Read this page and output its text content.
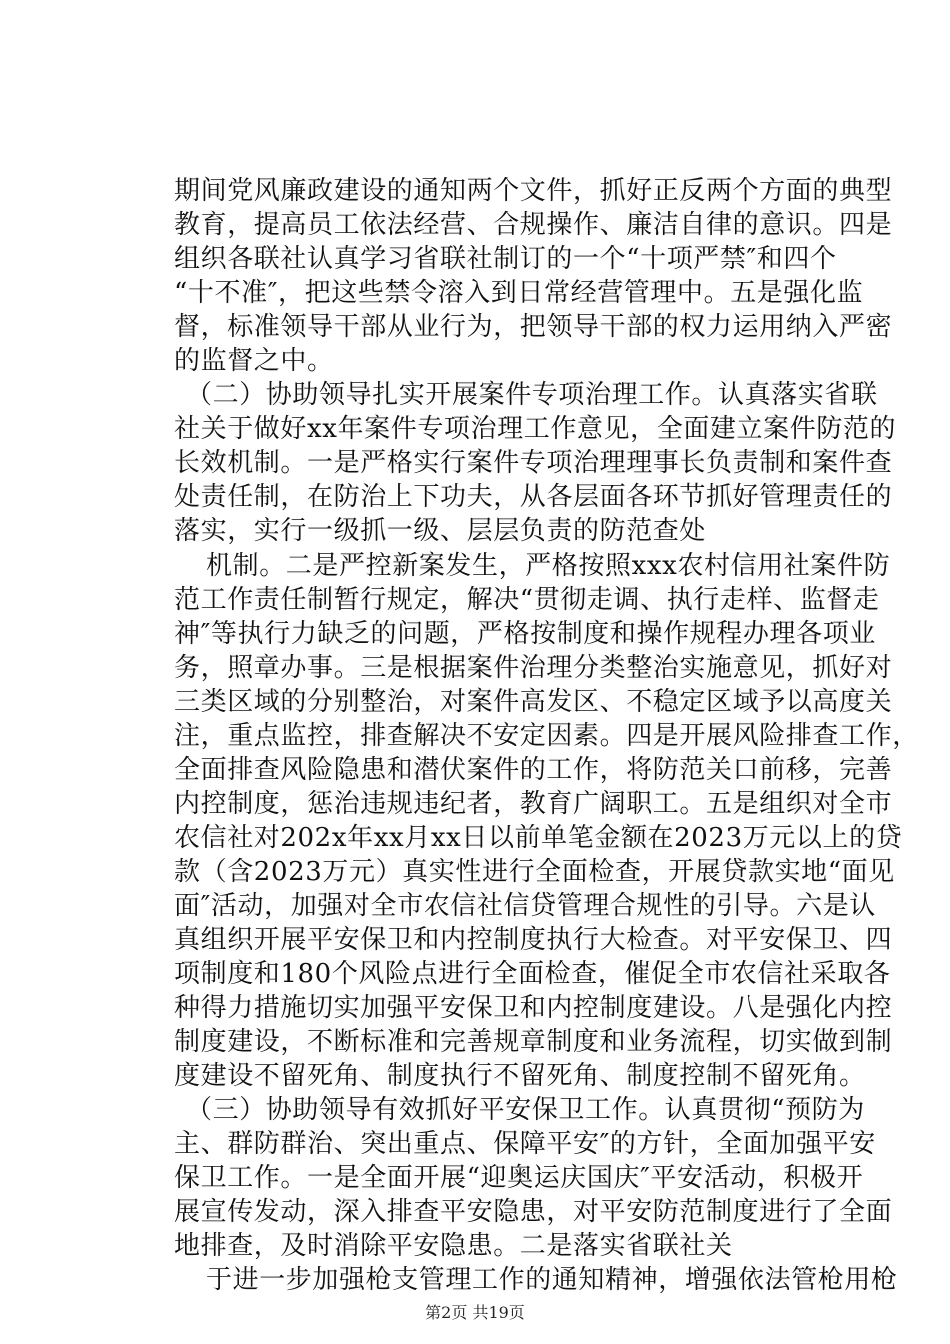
期间党风廉政建设的通知两个文件，抓好正反两个方面的典型
教育，提高员工依法经营、合规操作、廉洁自律的意识。四是
组织各联社认真学习省联社制订的一个“十项严禁″和四个
“十不准″，把这些禁令溶入到日常经营管理中。五是强化监
督，标准领导干部从业行为，把领导干部的权力运用纳入严密
的监督之中。
（二）协助领导扎实开展案件专项治理工作。认真落实省联
社关于做好xx年案件专项治理工作意见，全面建立案件防范的
长效机制。一是严格实行案件专项治理理事长负责制和案件查
处责任制，在防治上下功夫，从各层面各环节抓好管理责任的
落实，实行一级抓一级、层层负责的防范查处
机制。二是严控新案发生，严格按照xxx农村信用社案件防
范工作责任制暂行规定，解决“贯彻走调、执行走样、监督走
神″等执行力缺乏的问题，严格按制度和操作规程办理各项业
务，照章办事。三是根据案件治理分类整治实施意见，抓好对
三类区域的分别整治，对案件高发区、不稳定区域予以高度关
注，重点监控，排查解决不安定因素。四是开展风险排查工作，
全面排查风险隐患和潜伏案件的工作，将防范关口前移，完善
内控制度，惩治违规违纪者，教育广阔职工。五是组织对全市
农信社对202x年xx月xx日以前单笔金额在2023万元以上的贷
款（含2023万元）真实性进行全面检查，开展贷款实地“面见
面″活动，加强对全市农信社信贷管理合规性的引导。六是认
真组织开展平安保卫和内控制度执行大检查。对平安保卫、四
项制度和180个风险点进行全面检查，催促全市农信社采取各
种得力措施切实加强平安保卫和内控制度建设。八是强化内控
制度建设，不断标准和完善规章制度和业务流程，切实做到制
度建设不留死角、制度执行不留死角、制度控制不留死角。
（三）协助领导有效抓好平安保卫工作。认真贯彻“预防为
主、群防群治、突出重点、保障平安″的方针，全面加强平安
保卫工作。一是全面开展“迎奥运庆国庆″平安活动，积极开
展宣传发动，深入排查平安隐患，对平安防范制度进行了全面
地排查，及时消除平安隐患。二是落实省联社关
于进一步加强枪支管理工作的通知精神，增强依法管枪用枪
第2页 共19页
